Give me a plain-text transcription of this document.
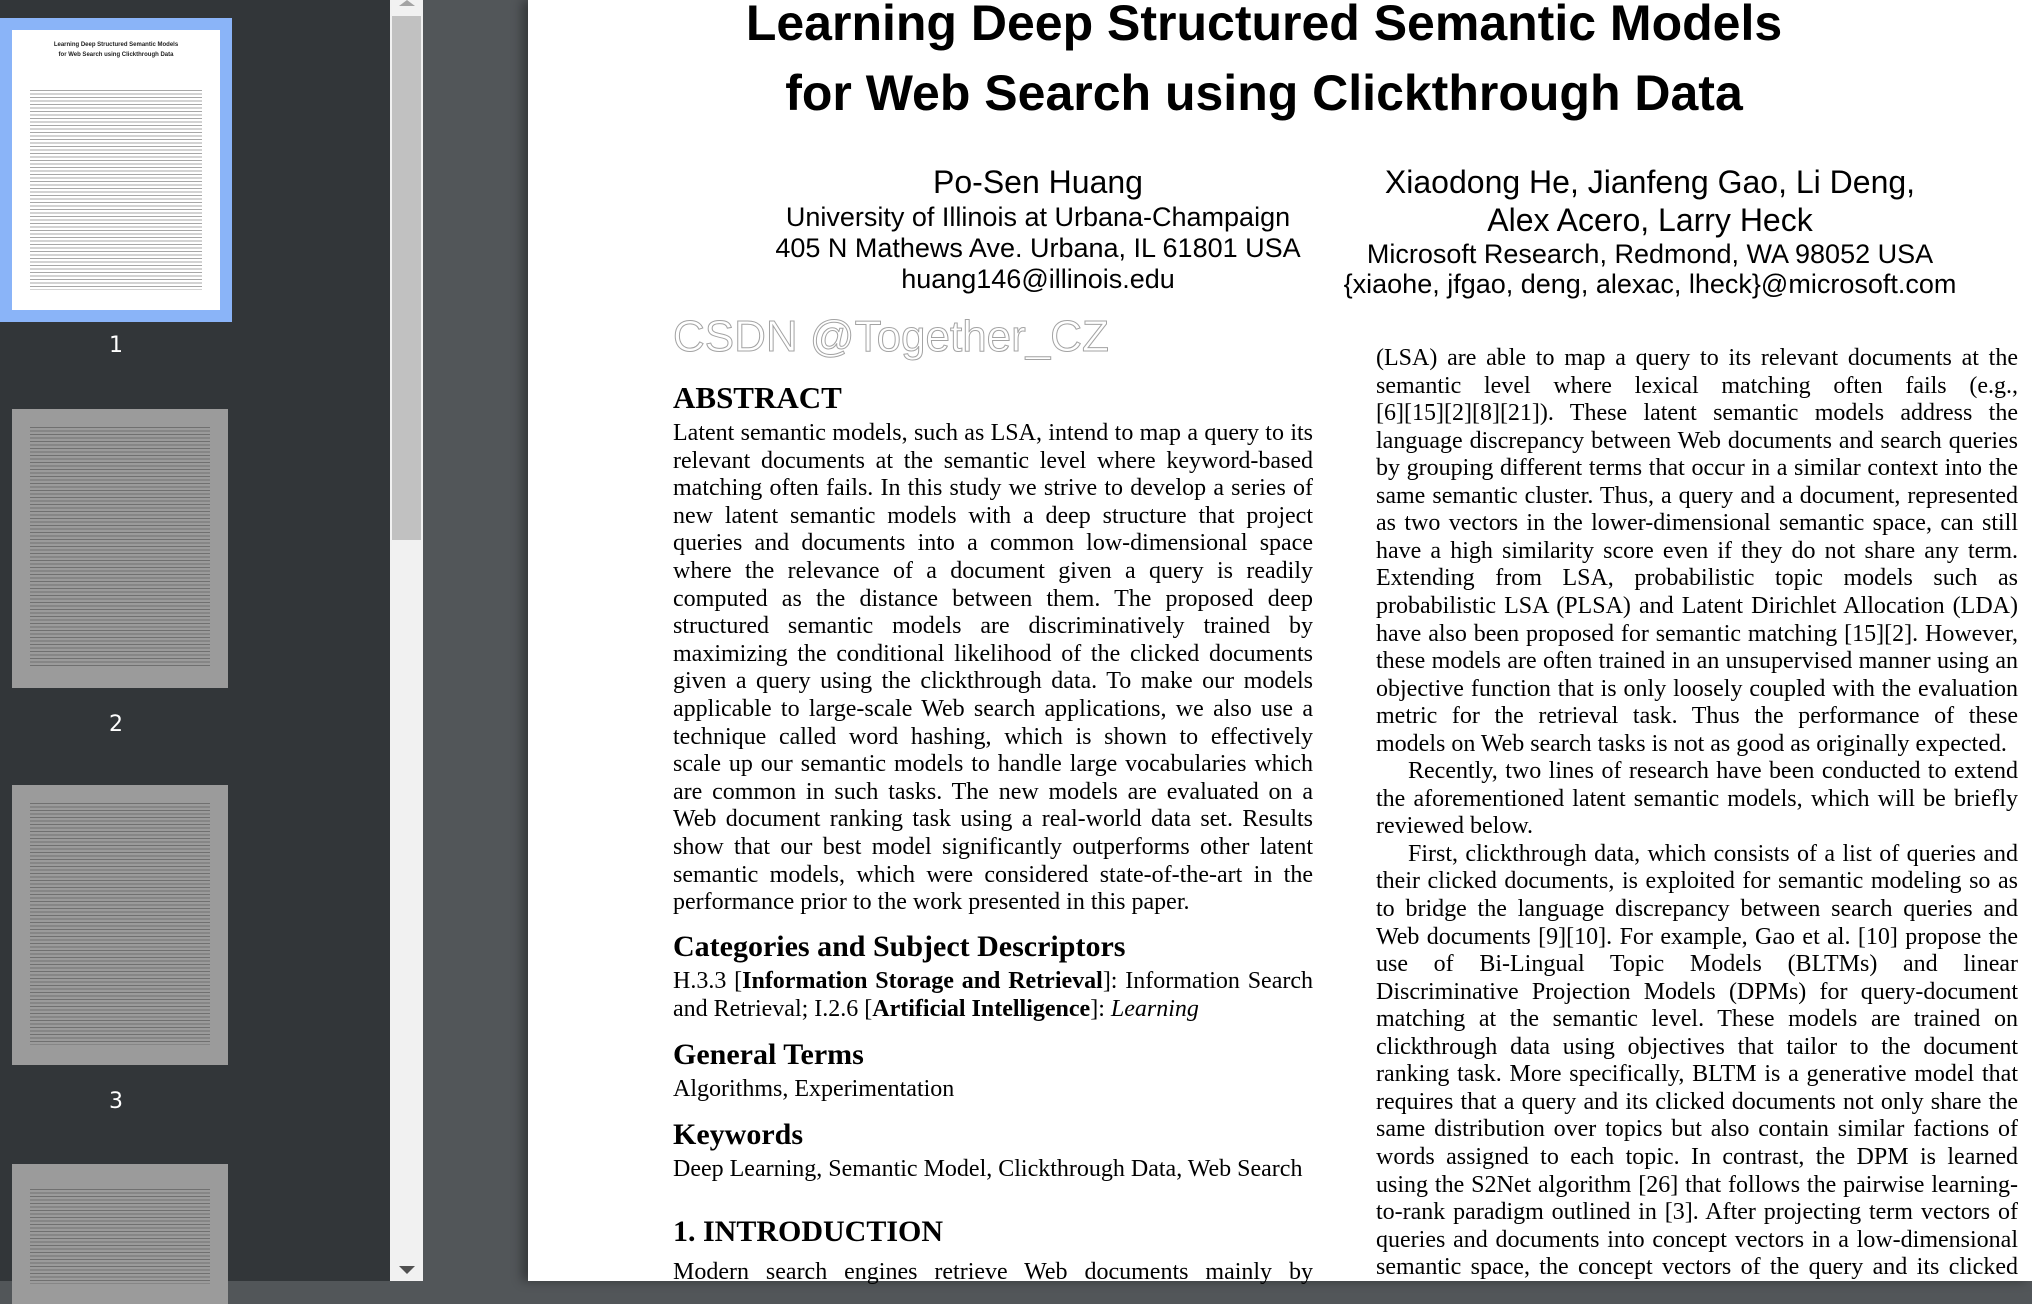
Learning Deep Structured Semantic Models
for Web Search using Clickthrough Data
1
2
3
Learning Deep Structured Semantic Models
for Web Search using Clickthrough Data
Po-Sen Huang
University of Illinois at Urbana-Champaign
405 N Mathews Ave. Urbana, IL 61801 USA
huang146@illinois.edu
Xiaodong He, Jianfeng Gao, Li Deng,
Alex Acero, Larry Heck
Microsoft Research, Redmond, WA 98052 USA
{xiaohe, jfgao, deng, alexac, lheck}@microsoft.com
ABSTRACT
Categories and Subject Descriptors
H.3.3 [Information Storage and Retrieval]: Information Search
and Retrieval; I.2.6 [Artificial Intelligence]: Learning
General Terms
Algorithms, Experimentation
Keywords
Deep Learning, Semantic Model, Clickthrough Data, Web Search
1. INTRODUCTION
Modern search engines retrieve Web documents mainly by
CSDN @Together_CZ
Latent semantic models, such as LSA, intend to map a query to its
relevant documents at the semantic level where keyword-based
matching often fails. In this study we strive to develop a series of
new latent semantic models with a deep structure that project
queries and documents into a common low-dimensional space
where the relevance of a document given a query is readily
computed as the distance between them. The proposed deep
structured semantic models are discriminatively trained by
maximizing the conditional likelihood of the clicked documents
given a query using the clickthrough data. To make our models
applicable to large-scale Web search applications, we also use a
technique called word hashing, which is shown to effectively
scale up our semantic models to handle large vocabularies which
are common in such tasks. The new models are evaluated on a
Web document ranking task using a real-world data set. Results
show that our best model significantly outperforms other latent
semantic models, which were considered state-of-the-art in the
performance prior to the work presented in this paper.
(LSA) are able to map a query to its relevant documents at the
semantic level where lexical matching often fails (e.g.,
[6][15][2][8][21]). These latent semantic models address the
language discrepancy between Web documents and search queries
by grouping different terms that occur in a similar context into the
same semantic cluster. Thus, a query and a document, represented
as two vectors in the lower-dimensional semantic space, can still
have a high similarity score even if they do not share any term.
Extending from LSA, probabilistic topic models such as
probabilistic LSA (PLSA) and Latent Dirichlet Allocation (LDA)
have also been proposed for semantic matching [15][2]. However,
these models are often trained in an unsupervised manner using an
objective function that is only loosely coupled with the evaluation
metric for the retrieval task. Thus the performance of these
models on Web search tasks is not as good as originally expected.
Recently, two lines of research have been conducted to extend
the aforementioned latent semantic models, which will be briefly
reviewed below.
First, clickthrough data, which consists of a list of queries and
their clicked documents, is exploited for semantic modeling so as
to bridge the language discrepancy between search queries and
Web documents [9][10]. For example, Gao et al. [10] propose the
use of Bi-Lingual Topic Models (BLTMs) and linear
Discriminative Projection Models (DPMs) for query-document
matching at the semantic level. These models are trained on
clickthrough data using objectives that tailor to the document
ranking task. More specifically, BLTM is a generative model that
requires that a query and its clicked documents not only share the
same distribution over topics but also contain similar factions of
words assigned to each topic. In contrast, the DPM is learned
using the S2Net algorithm [26] that follows the pairwise learning-
to-rank paradigm outlined in [3]. After projecting term vectors of
queries and documents into concept vectors in a low-dimensional
semantic space, the concept vectors of the query and its clicked
